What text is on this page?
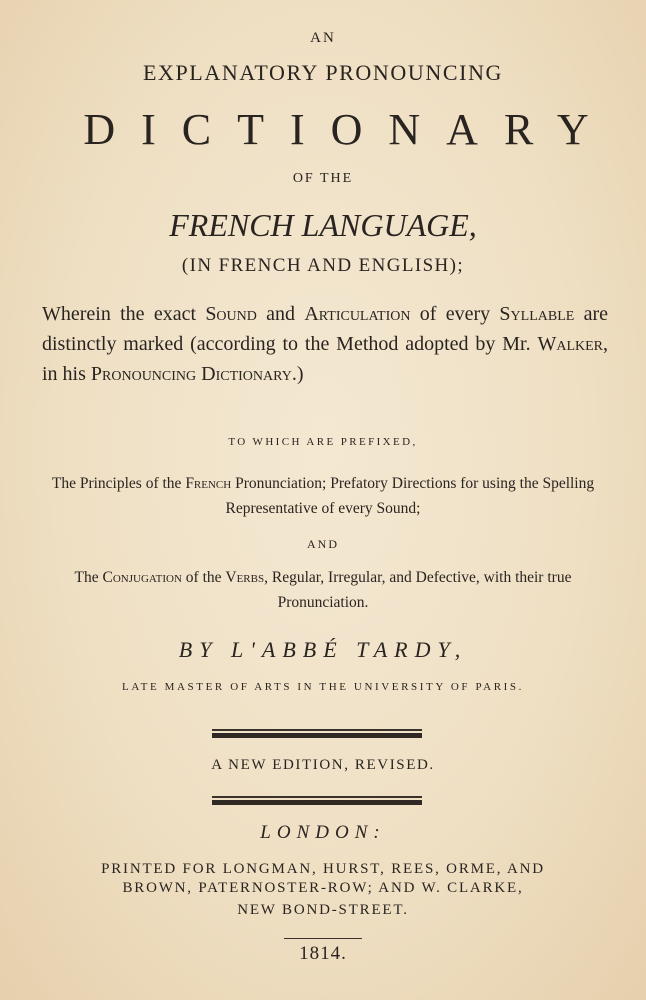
AN
EXPLANATORY PRONOUNCING
DICTIONARY
OF THE
FRENCH LANGUAGE,
(IN FRENCH AND ENGLISH);
Wherein the exact Sound and Articulation of every Syllable are distinctly marked (according to the Method adopted by Mr. Walker, in his Pronouncing Dictionary.)
TO WHICH ARE PREFIXED,
The Principles of the French Pronunciation; Prefatory Directions for using the Spelling Representative of every Sound;
AND
The Conjugation of the Verbs, Regular, Irregular, and Defective, with their true Pronunciation.
BY L'ABBÉ TARDY,
LATE MASTER OF ARTS IN THE UNIVERSITY OF PARIS.
A NEW EDITION, REVISED.
LONDON:
PRINTED FOR LONGMAN, HURST, REES, ORME, AND
BROWN, PATERNOSTER-ROW; AND W. CLARKE,
NEW BOND-STREET.
1814.
